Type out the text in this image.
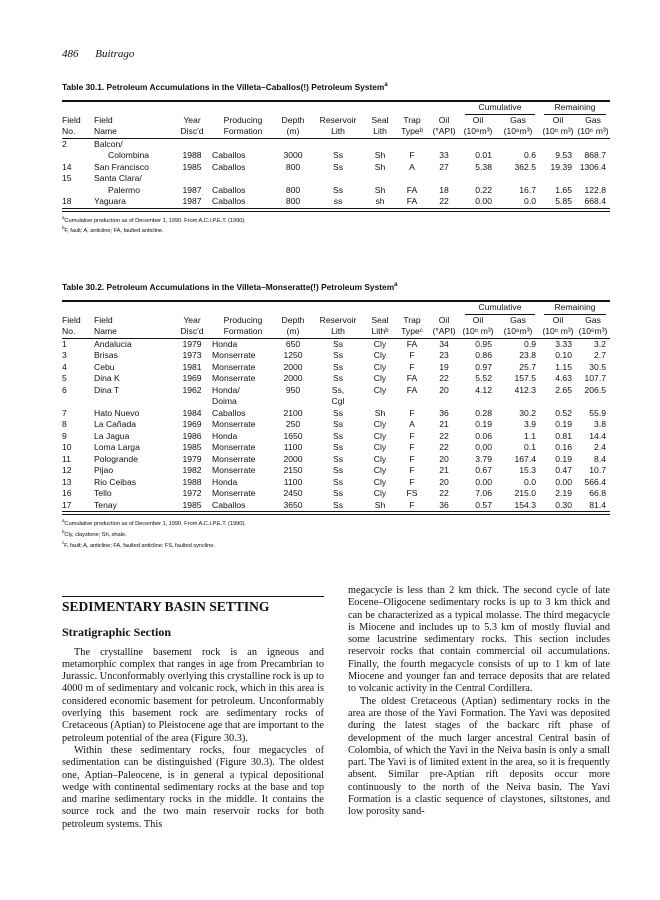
486 Buitrago
Table 30.1. Petroleum Accumulations in the Villeta–Caballos(!) Petroleum System$^a$
									Cumulative		Remaining	
Field	Field	Year	Producing	Depth	Reservoir	Seal	Trap	Oil	Oil	Gas	Oil	Gas
No.	Name	Disc'd	Formation	(m)	Lith	Lith	Typeᵇ	(°API)	(10⁶m³)	(10⁶m³)	(10⁶ m³)	(10⁶ m³)
2	Balcon/											
	Colombina	1988	Caballos	3000	Ss	Sh	F	33	0.01	0.6	9.53	868.7
14	San Francisco	1985	Caballos	800	Ss	Sh	A	27	5.38	362.5	19.39	1306.4
15	Santa Clara/											
	Palermo	1987	Caballos	800	Ss	Sh	FA	18	0.22	16.7	1.65	122.8
18	Yaguara	1987	Caballos	800	ss	sh	FA	22	0.00	0.0	5.85	668.4
$^a$Cumulative production as of December 1, 1990. From A.C.I.P.E.T. (1990).
$^b$F, fault; A, anticline; FA, faulted anticline.
Table 30.2. Petroleum Accumulations in the Villeta–Monseratte(!) Petroleum System$^a$
									Cumulative		Remaining	
Field	Field	Year	Producing	Depth	Reservoir	Seal	Trap	Oil	Oil	Gas	Oil	Gas
No.	Name	Disc'd	Formation	(m)	Lith	Lithᵇ	Typeᶜ	(°API)	(10⁶ m³)	(10⁶m³)	(10⁶ m³)	(10⁶m³)
1	Andalucia	1979	Honda	650	Ss	Cly	FA	34	0.95	0.9	3.33	3.2
3	Brisas	1973	Monserrate	1250	Ss	Cly	F	23	0.86	23.8	0.10	2.7
4	Cebu	1981	Monserrate	2000	Ss	Cly	F	19	0.97	25.7	1.15	30.5
5	Dina K	1969	Monserrate	2000	Ss	Cly	FA	22	5.52	157.5	4.63	107.7
6	Dina T	1962	Honda/	950	Ss,	Cly	FA	20	4.12	412.3	2.65	206.5
			Doima		Cgl							
7	Hato Nuevo	1984	Caballos	2100	Ss	Sh	F	36	0.28	30.2	0.52	55.9
8	La Cañada	1969	Monserrate	250	Ss	Cly	A	21	0.19	3.9	0.19	3.8
9	La Jagua	1986	Honda	1650	Ss	Cly	F	22	0.06	1.1	0.81	14.4
10	Loma Larga	1985	Monserrate	1100	Ss	Cly	F	22	0.00	0.1	0.16	2.4
11	Pologrande	1979	Monserrate	2000	Ss	Cly	F	20	3.79	167.4	0.19	8.4
12	Pijao	1982	Monserrate	2150	Ss	Cly	F	21	0.67	15.3	0.47	10.7
13	Rio Ceibas	1988	Honda	1100	Ss	Cly	F	20	0.00	0.0	0.00	566.4
16	Tello	1972	Monserrate	2450	Ss	Cly	FS	22	7.06	215.0	2.19	66.8
17	Tenay	1985	Caballos	3650	Ss	Sh	F	36	0.57	154.3	0.30	81.4
$^a$Cumulative production as of December 1, 1990. From A.C.I.P.E.T. (1990).
$^b$Cly, claystone; Sh, shale.
$^c$F, fault; A, anticline; FA, faulted anticline; FS, faulted syncline.
SEDIMENTARY BASIN SETTING
Stratigraphic Section

The crystalline basement rock is an igneous and metamorphic complex that ranges in age from Precambrian to Jurassic. Unconformably overlying this crystalline rock is up to 4000 m of sedimentary and volcanic rock, which in this area is considered economic basement for petroleum. Unconformably overlying this basement rock are sedimentary rocks of Cretaceous (Aptian) to Pleistocene age that are important to the petroleum potential of the area (Figure 30.3).

Within these sedimentary rocks, four megacycles of sedimentation can be distinguished (Figure 30.3). The oldest one, Aptian–Paleocene, is in general a typical depositional wedge with continental sedimentary rocks at the base and top and marine sedimentary rocks in the middle. It contains the source rock and the two main reservoir rocks for both petroleum systems. This

megacycle is less than 2 km thick. The second cycle of late Eocene–Oligocene sedimentary rocks is up to 3 km thick and can be characterized as a typical molasse. The third megacycle is Miocene and includes up to 5.3 km of mostly fluvial and some lacustrine sedimentary rocks. This section includes reservoir rocks that contain commercial oil accumulations. Finally, the fourth megacycle consists of up to 1 km of late Miocene and younger fan and terrace deposits that are related to volcanic activity in the Central Cordillera.

The oldest Cretaceous (Aptian) sedimentary rocks in the area are those of the Yavi Formation. The Yavi was deposited during the latest stages of the backarc rift phase of development of the much larger ancestral Central basin of Colombia, of which the Yavi in the Neiva basin is only a small part. The Yavi is of limited extent in the area, so it is frequently absent. Similar pre-Aptian rift deposits occur more continuously to the north of the Neiva basin. The Yavi Formation is a clastic sequence of claystones, siltstones, and low porosity sand-
